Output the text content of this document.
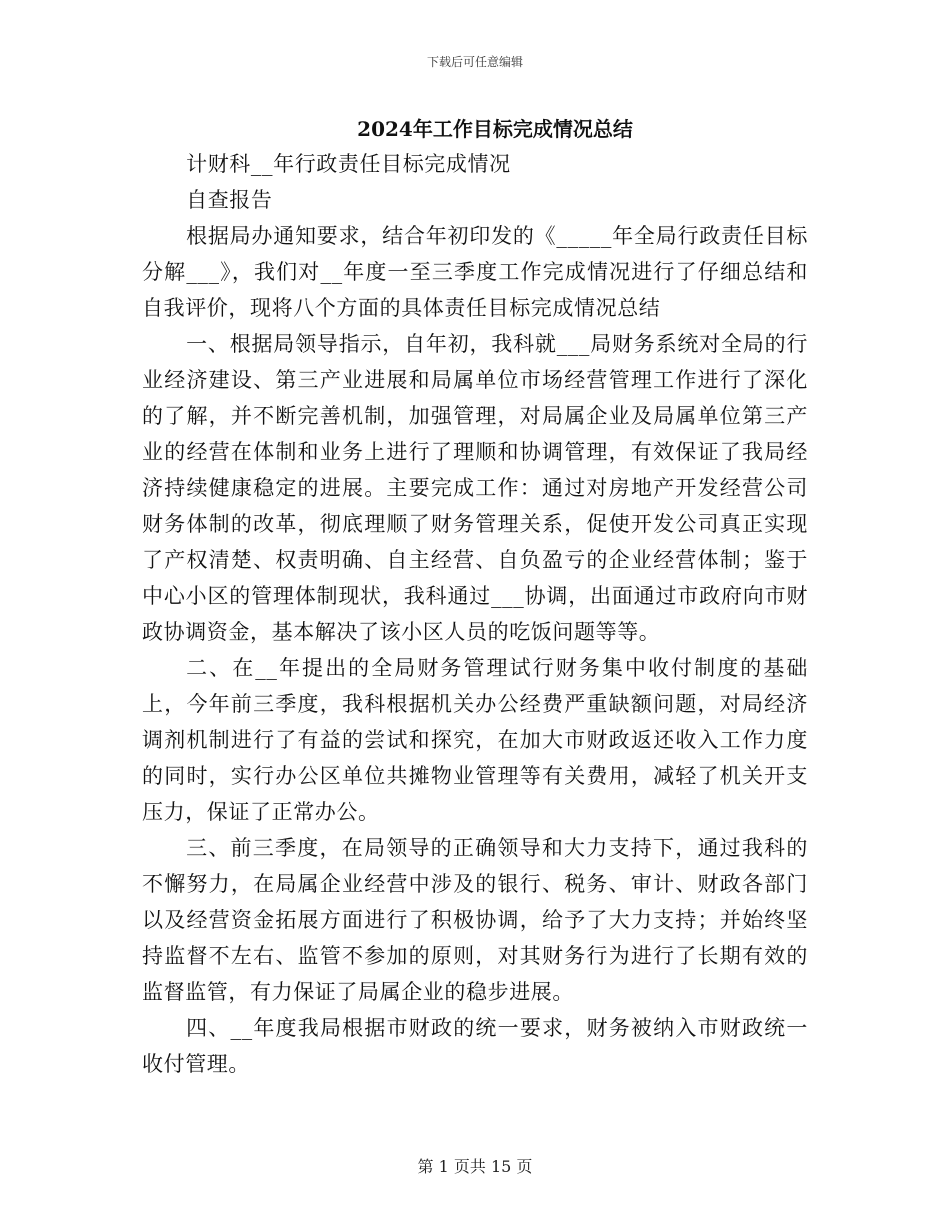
下载后可任意编辑
2024年工作目标完成情况总结

计财科__年行政责任目标完成情况

自查报告

根据局办通知要求，结合年初印发的《_____年全局行政责任目标分解___》，我们对__年度一至三季度工作完成情况进行了仔细总结和自我评价，现将八个方面的具体责任目标完成情况总结

一、根据局领导指示，自年初，我科就___局财务系统对全局的行业经济建设、第三产业进展和局属单位市场经营管理工作进行了深化的了解，并不断完善机制，加强管理，对局属企业及局属单位第三产业的经营在体制和业务上进行了理顺和协调管理，有效保证了我局经济持续健康稳定的进展。主要完成工作：通过对房地产开发经营公司财务体制的改革，彻底理顺了财务管理关系，促使开发公司真正实现了产权清楚、权责明确、自主经营、自负盈亏的企业经营体制；鉴于中心小区的管理体制现状，我科通过___协调，出面通过市政府向市财政协调资金，基本解决了该小区人员的吃饭问题等等。

二、在__年提出的全局财务管理试行财务集中收付制度的基础上，今年前三季度，我科根据机关办公经费严重缺额问题，对局经济调剂机制进行了有益的尝试和探究，在加大市财政返还收入工作力度的同时，实行办公区单位共摊物业管理等有关费用，减轻了机关开支压力，保证了正常办公。

三、前三季度，在局领导的正确领导和大力支持下，通过我科的不懈努力，在局属企业经营中涉及的银行、税务、审计、财政各部门以及经营资金拓展方面进行了积极协调，给予了大力支持；并始终坚持监督不左右、监管不参加的原则，对其财务行为进行了长期有效的监督监管，有力保证了局属企业的稳步进展。

四、__年度我局根据市财政的统一要求，财务被纳入市财政统一收付管理。

第 1 页共 15 页
